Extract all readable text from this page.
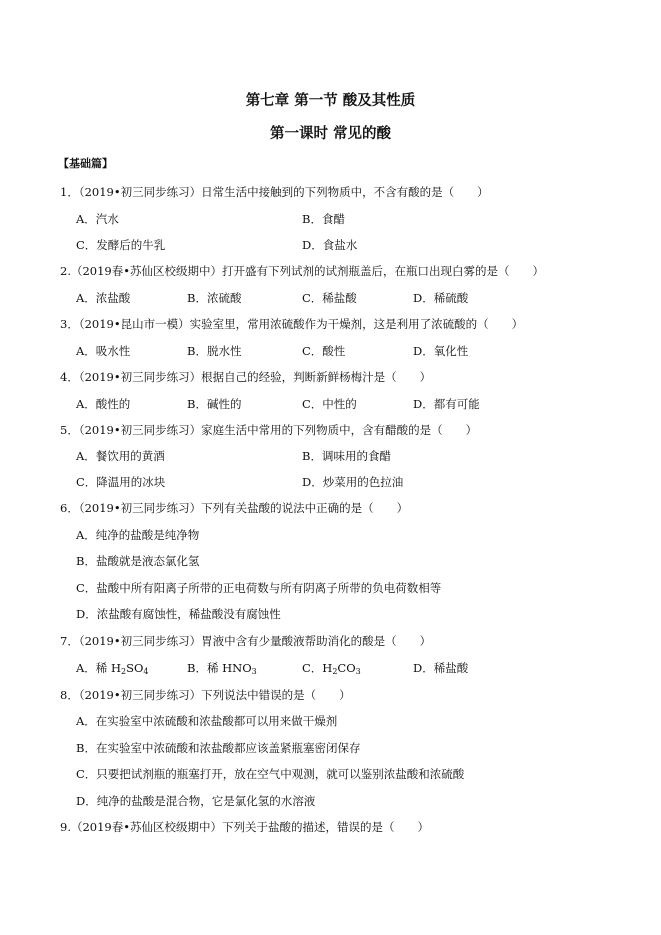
第七章 第一节 酸及其性质
第一课时 常见的酸
【基础篇】
1．（2019•初三同步练习）日常生活中接触到的下列物质中，不含有酸的是（　　）
A．汽水	B．食醋
C．发酵后的牛乳	D．食盐水
2.（2019春•苏仙区校级期中）打开盛有下列试剂的试剂瓶盖后，在瓶口出现白雾的是（　　）
A．浓盐酸	B．浓硫酸	C．稀盐酸	D．稀硫酸
3．（2019•昆山市一模）实验室里，常用浓硫酸作为干燥剂，这是利用了浓硫酸的（　　）
A．吸水性	B．脱水性	C．酸性	D．氧化性
4．（2019•初三同步练习）根据自己的经验，判断新鲜杨梅汁是（　　）
A．酸性的	B．碱性的	C．中性的	D．都有可能
5．（2019•初三同步练习）家庭生活中常用的下列物质中，含有醋酸的是（　　）
A．餐饮用的黄酒	B．调味用的食醋
C．降温用的冰块	D．炒菜用的色拉油
6．（2019•初三同步练习）下列有关盐酸的说法中正确的是（　　）
A．纯净的盐酸是纯净物
B．盐酸就是液态氯化氢
C．盐酸中所有阳离子所带的正电荷数与所有阴离子所带的负电荷数相等
D．浓盐酸有腐蚀性，稀盐酸没有腐蚀性
7．（2019•初三同步练习）胃液中含有少量酸液帮助消化的酸是（　　）
A．稀 $H_2SO_4$	B．稀 $HNO_3$	C．$H_2CO_3$	D．稀盐酸
8．（2019•初三同步练习）下列说法中错误的是（　　）
A．在实验室中浓硫酸和浓盐酸都可以用来做干燥剂
B．在实验室中浓硫酸和浓盐酸都应该盖紧瓶塞密闭保存
C．只要把试剂瓶的瓶塞打开，放在空气中观测，就可以鉴别浓盐酸和浓硫酸
D．纯净的盐酸是混合物，它是氯化氢的水溶液
9.（2019春•苏仙区校级期中）下列关于盐酸的描述，错误的是（　　）
